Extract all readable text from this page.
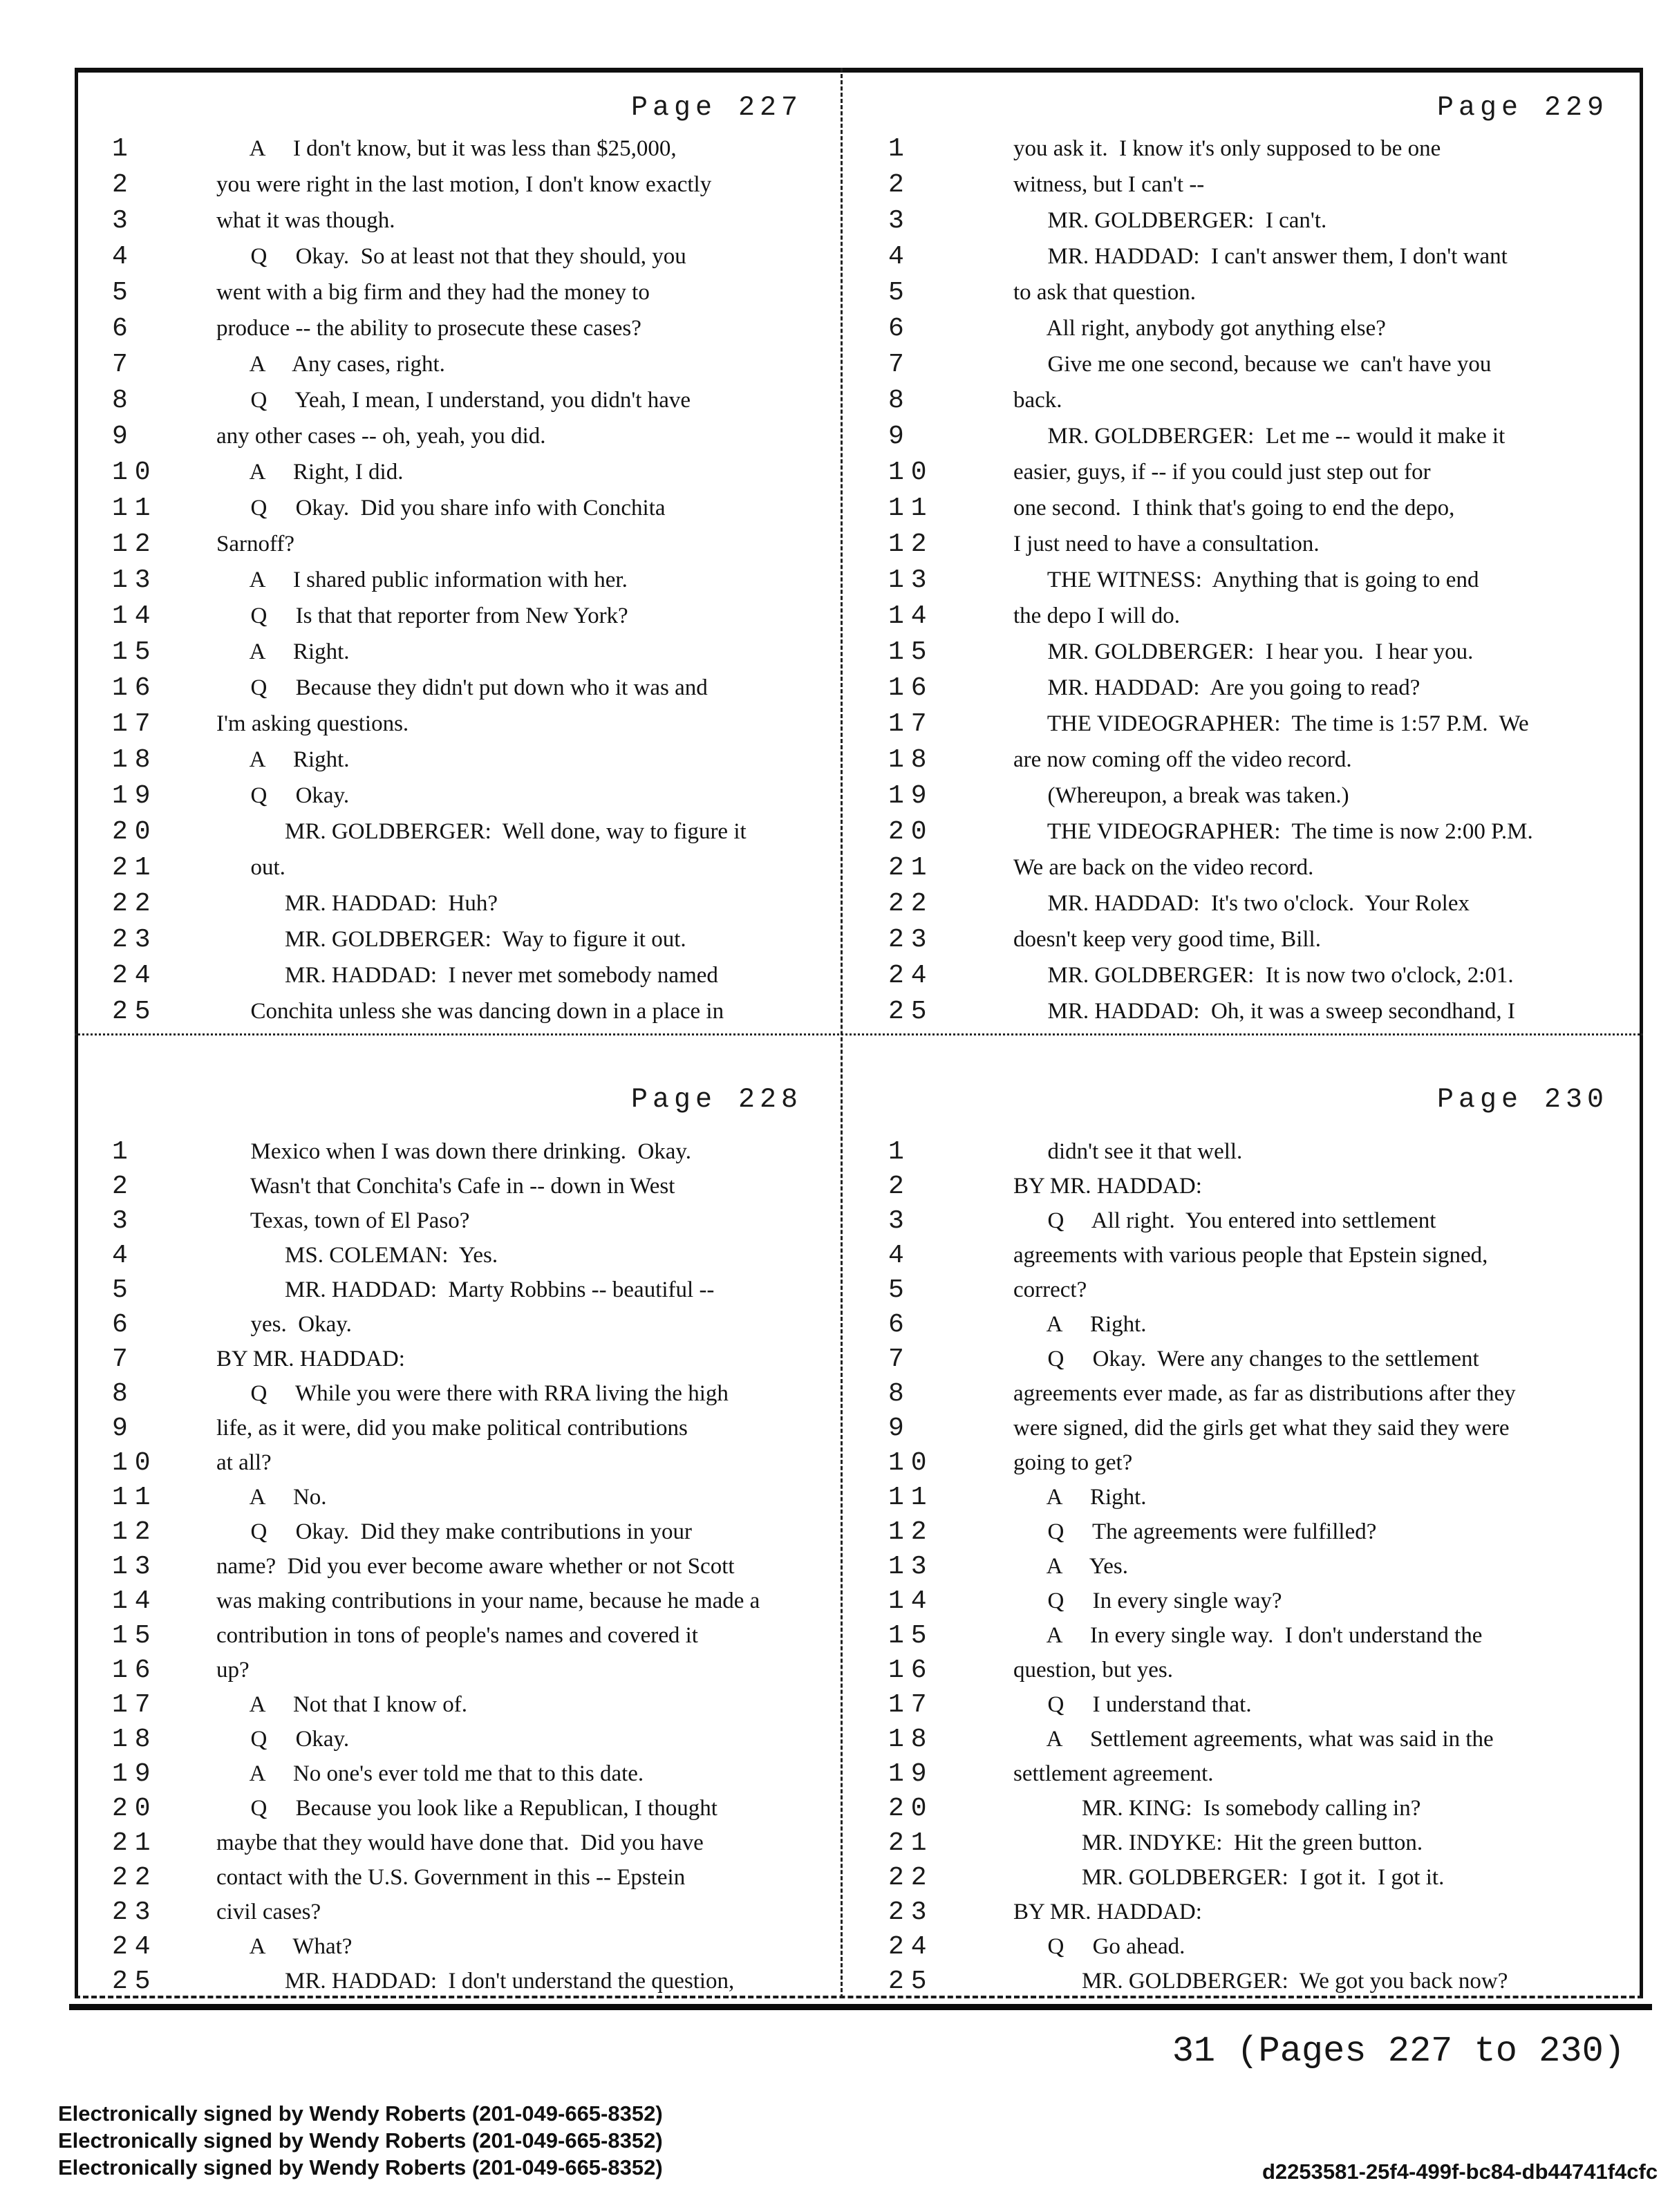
Page 227
1	A     I don't know, but it was less than $25,000,
2	you were right in the last motion, I don't know exactly
3	what it was though.
4	Q     Okay.  So at least not that they should, you
5	went with a big firm and they had the money to
6	produce -- the ability to prosecute these cases?
7	A     Any cases, right.
8	Q     Yeah, I mean, I understand, you didn't have
9	any other cases -- oh, yeah, you did.
10	A     Right, I did.
11	Q     Okay.  Did you share info with Conchita
12	Sarnoff?
13	A     I shared public information with her.
14	Q     Is that that reporter from New York?
15	A     Right.
16	Q     Because they didn't put down who it was and
17	I'm asking questions.
18	A     Right.
19	Q     Okay.
20	MR. GOLDBERGER:  Well done, way to figure it
21	out.
22	MR. HADDAD:  Huh?
23	MR. GOLDBERGER:  Way to figure it out.
24	MR. HADDAD:  I never met somebody named
25	Conchita unless she was dancing down in a place in
Page 229
1	you ask it.  I know it's only supposed to be one
2	witness, but I can't --
3	MR. GOLDBERGER:  I can't.
4	MR. HADDAD:  I can't answer them, I don't want
5	to ask that question.
6	All right, anybody got anything else?
7	Give me one second, because we  can't have you
8	back.
9	MR. GOLDBERGER:  Let me -- would it make it
10	easier, guys, if -- if you could just step out for
11	one second.  I think that's going to end the depo,
12	I just need to have a consultation.
13	THE WITNESS:  Anything that is going to end
14	the depo I will do.
15	MR. GOLDBERGER:  I hear you.  I hear you.
16	MR. HADDAD:  Are you going to read?
17	THE VIDEOGRAPHER:  The time is 1:57 P.M.  We
18	are now coming off the video record.
19	(Whereupon, a break was taken.)
20	THE VIDEOGRAPHER:  The time is now 2:00 P.M.
21	We are back on the video record.
22	MR. HADDAD:  It's two o'clock.  Your Rolex
23	doesn't keep very good time, Bill.
24	MR. GOLDBERGER:  It is now two o'clock, 2:01.
25	MR. HADDAD:  Oh, it was a sweep secondhand, I
Page 228
1	Mexico when I was down there drinking.  Okay.
2	Wasn't that Conchita's Cafe in -- down in West
3	Texas, town of El Paso?
4	MS. COLEMAN:  Yes.
5	MR. HADDAD:  Marty Robbins -- beautiful --
6	yes.  Okay.
7	BY MR. HADDAD:
8	Q     While you were there with RRA living the high
9	life, as it were, did you make political contributions
10	at all?
11	A     No.
12	Q     Okay.  Did they make contributions in your
13	name?  Did you ever become aware whether or not Scott
14	was making contributions in your name, because he made a
15	contribution in tons of people's names and covered it
16	up?
17	A     Not that I know of.
18	Q     Okay.
19	A     No one's ever told me that to this date.
20	Q     Because you look like a Republican, I thought
21	maybe that they would have done that.  Did you have
22	contact with the U.S. Government in this -- Epstein
23	civil cases?
24	A     What?
25	MR. HADDAD:  I don't understand the question,
Page 230
1	didn't see it that well.
2	BY MR. HADDAD:
3	Q     All right.  You entered into settlement
4	agreements with various people that Epstein signed,
5	correct?
6	A     Right.
7	Q     Okay.  Were any changes to the settlement
8	agreements ever made, as far as distributions after they
9	were signed, did the girls get what they said they were
10	going to get?
11	A     Right.
12	Q     The agreements were fulfilled?
13	A     Yes.
14	Q     In every single way?
15	A     In every single way.  I don't understand the
16	question, but yes.
17	Q     I understand that.
18	A     Settlement agreements, what was said in the
19	settlement agreement.
20	MR. KING:  Is somebody calling in?
21	MR. INDYKE:  Hit the green button.
22	MR. GOLDBERGER:  I got it.  I got it.
23	BY MR. HADDAD:
24	Q     Go ahead.
25	MR. GOLDBERGER:  We got you back now?
31 (Pages 227 to 230)
Electronically signed by Wendy Roberts (201-049-665-8352)
Electronically signed by Wendy Roberts (201-049-665-8352)
Electronically signed by Wendy Roberts (201-049-665-8352)	d2253581-25f4-499f-bc84-db44741f4cfc
